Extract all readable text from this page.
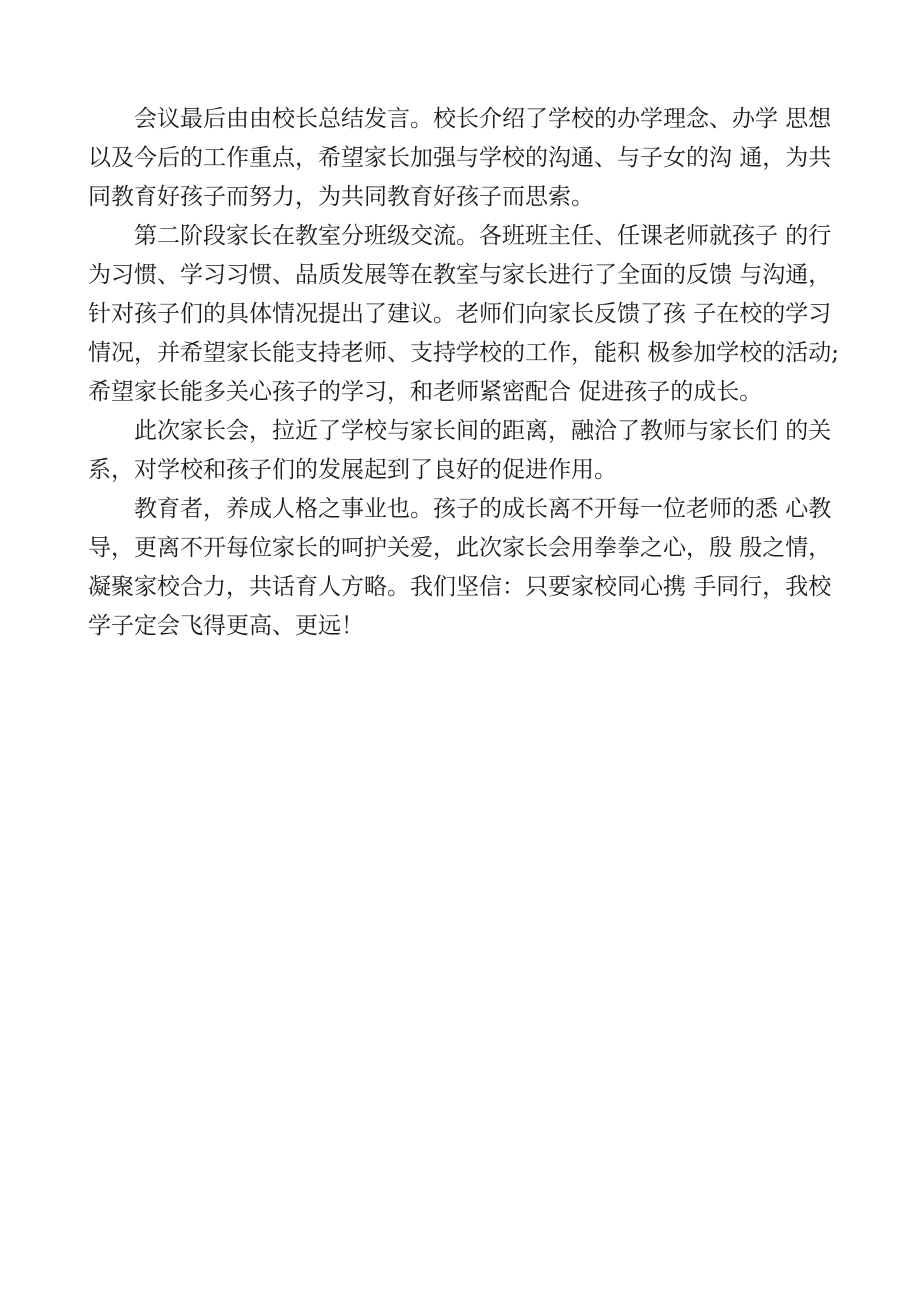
会议最后由由校长总结发言。校长介绍了学校的办学理念、办学 思想
以及今后的工作重点，希望家长加强与学校的沟通、与子女的沟 通，为共
同教育好孩子而努力，为共同教育好孩子而思索。
第二阶段家长在教室分班级交流。各班班主任、任课老师就孩子 的行
为习惯、学习习惯、品质发展等在教室与家长进行了全面的反馈 与沟通，
针对孩子们的具体情况提出了建议。老师们向家长反馈了孩 子在校的学习
情况，并希望家长能支持老师、支持学校的工作，能积 极参加学校的活动;
希望家长能多关心孩子的学习，和老师紧密配合 促进孩子的成长。
此次家长会，拉近了学校与家长间的距离，融洽了教师与家长们 的关
系，对学校和孩子们的发展起到了良好的促进作用。
教育者，养成人格之事业也。孩子的成长离不开每一位老师的悉 心教
导，更离不开每位家长的呵护关爱，此次家长会用拳拳之心，殷 殷之情，
凝聚家校合力，共话育人方略。我们坚信：只要家校同心携 手同行，我校
学子定会飞得更高、更远！
